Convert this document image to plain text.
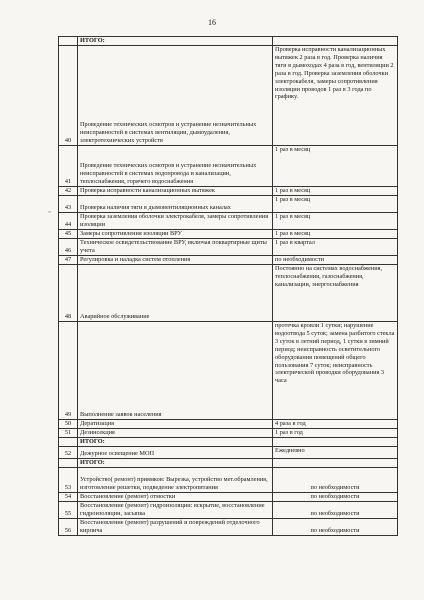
16
=
	ИТОГО:	
40	Проведение технических осмотров и устранение незначительных неисправностей в системах вентиляции, дымоудаления, электротехнических устройств	Проверка исправности канализационных вытяжек 2 раза в год. Проверка наличия тяги в дымоходах 4 раза в год, вентиляции 2 раза в год. Проверка заземления оболочки электрокабеля, замеры сопротивления изоляции проводов 1 раз в 3 года по графику.
41	Проведение технических осмотров и устранение незначительных неисправностей в системах водопровода и канализации, теплоснабжения, горячего водоснабжения	1 раз в месяц
42	Проверка исправности канализационных вытяжек	1 раз в месяц
43	Проверка наличия тяги в дымовентиляционных каналах	1 раз в месяц
44	Проверка заземления оболочки электрокабеля, замеры сопротивления изоляции	1 раз в месяц
45	Замеры сопротивления изоляции ВРУ	1 раз в месяц
46	Техническое освидетельствование ВРУ, включая поквартирные щиты учета	1 раз в квартал
47	Регулировка и наладка систем отопления	по необходимости
48	Аварийное обслуживание	Постоянно на системах водоснабжения, теплоснабжения, газоснабжения, канализации, энергоснабжения
49	Выполнение заявок населения	протечка кровли 1 сутки; нарушение водоотвода 5 суток; замена разбитого стекла 3 суток в летний период, 1 сутки в зимний период; неисправность осветительного оборудования помещений общего пользования 7 суток; неисправность электрической проводки оборудования 3 часа
50	Дератизация	4 раза в год
51	Дезинсекция	1 раз в год
	ИТОГО:	
52	Дежурное освещение МОП	Ежедневно
	ИТОГО:	
53	Устройство( ремонт) приямков: Вырезка, устройство мет.обрамления, изготовление решетки, подведение электропитания	по необходимости
54	Восстановление (ремонт) отмостки	по необходимости
55	Восстановление (ремонт) гидроизоляции: вскрытие, восстановление гидроизоляции, засыпка	по необходимости
56	Восстановление (ремонт) разрушений и повреждений отделочного кирпича	по необходимости
